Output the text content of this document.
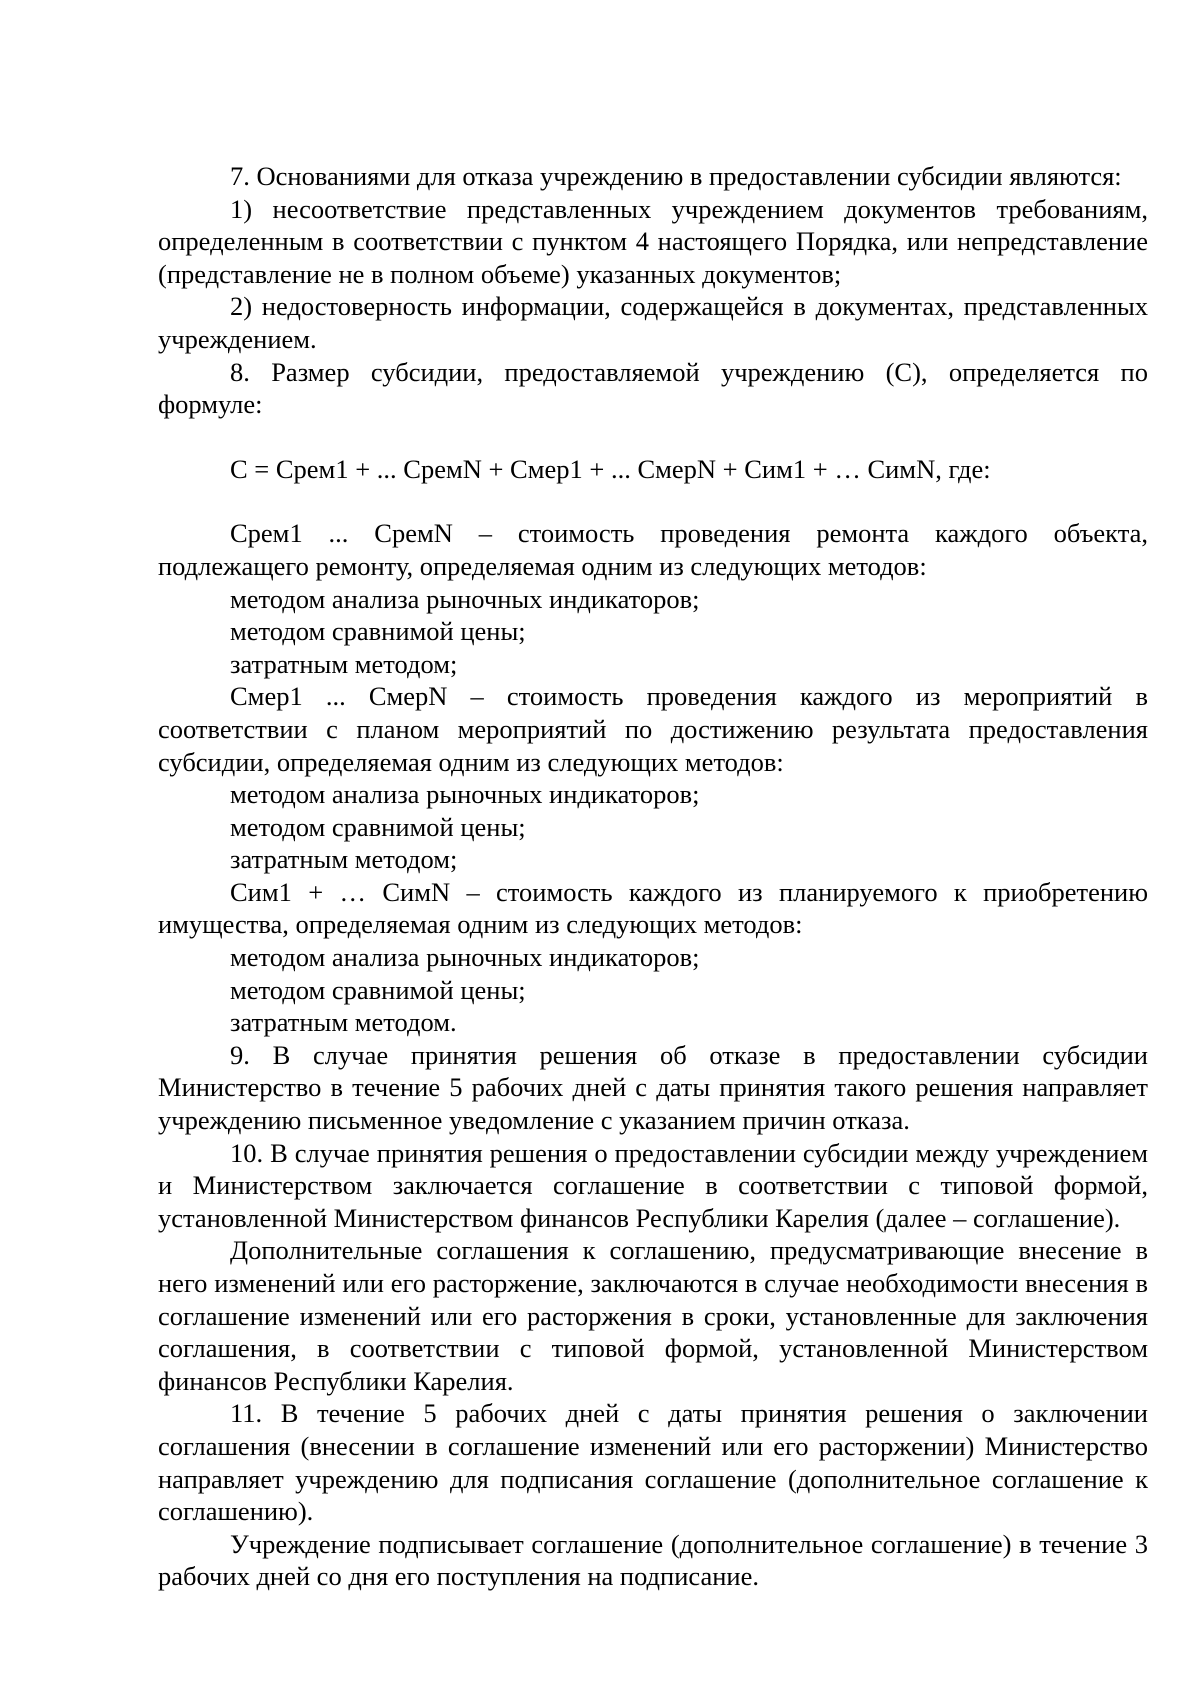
7. Основаниями для отказа учреждению в предоставлении субсидии являются:

1) несоответствие представленных учреждением документов требованиям, определенным в соответствии с пунктом 4 настоящего Порядка, или непредставление (представление не в полном объеме) указанных документов;

2) недостоверность информации, содержащейся в документах, представленных учреждением.

8. Размер субсидии, предоставляемой учреждению (С), определяется по формуле:

С = Срем1 + ... СремN + Смер1 + ... СмерN + Сим1 + … СимN, где:

Срем1 ... СремN – стоимость проведения ремонта каждого объекта, подлежащего ремонту, определяемая одним из следующих методов:

методом анализа рыночных индикаторов;

методом сравнимой цены;

затратным методом;

Смер1 ... СмерN – стоимость проведения каждого из мероприятий в соответствии с планом мероприятий по достижению результата предоставления субсидии, определяемая одним из следующих методов:

методом анализа рыночных индикаторов;

методом сравнимой цены;

затратным методом;

Сим1 + … СимN – стоимость каждого из планируемого к приобретению имущества, определяемая одним из следующих методов:

методом анализа рыночных индикаторов;

методом сравнимой цены;

затратным методом.

9. В случае принятия решения об отказе в предоставлении субсидии Министерство в течение 5 рабочих дней с даты принятия такого решения направляет учреждению письменное уведомление с указанием причин отказа.

10. В случае принятия решения о предоставлении субсидии между учреждением и Министерством заключается соглашение в соответствии с типовой формой, установленной Министерством финансов Республики Карелия (далее – соглашение).

Дополнительные соглашения к соглашению, предусматривающие внесение в него изменений или его расторжение, заключаются в случае необходимости внесения в соглашение изменений или его расторжения в сроки, установленные для заключения соглашения, в соответствии с типовой формой, установленной Министерством финансов Республики Карелия.

11. В течение 5 рабочих дней с даты принятия решения о заключении соглашения (внесении в соглашение изменений или его расторжении) Министерство направляет учреждению для подписания соглашение (дополнительное соглашение к соглашению).

Учреждение подписывает соглашение (дополнительное соглашение) в течение 3 рабочих дней со дня его поступления на подписание.
